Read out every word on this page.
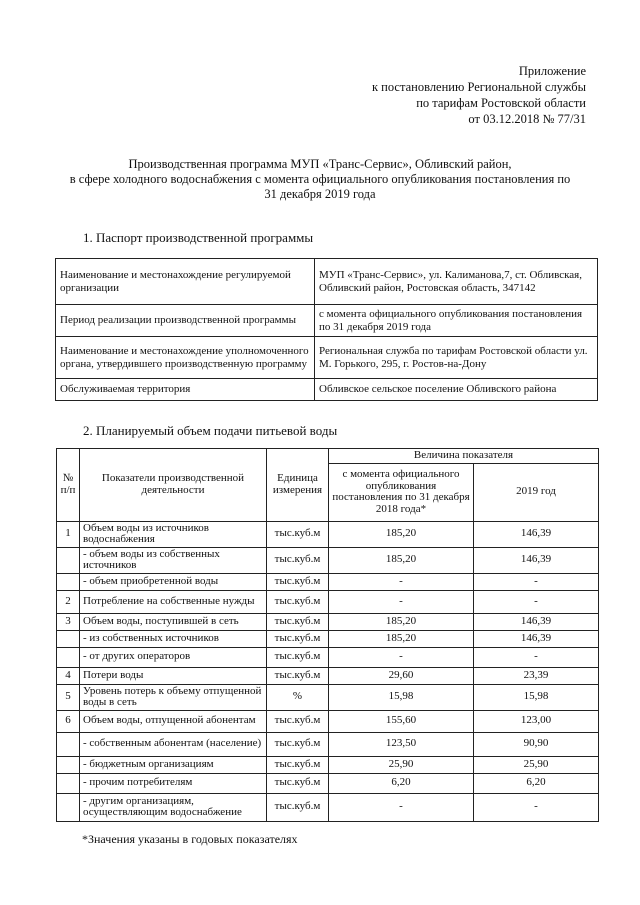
Приложение
к постановлению Региональной службы
по тарифам Ростовской области
от 03.12.2018 № 77/31
Производственная программа МУП «Транс-Сервис», Обливский район,
в сфере холодного водоснабжения с момента официального опубликования постановления по
31 декабря 2019 года
1. Паспорт производственной программы
Наименование и местонахождение регулируемой организации	МУП «Транс-Сервис», ул. Калиманова,7, ст. Обливская, Обливский район, Ростовская область, 347142
Период реализации производственной программы	с момента официального опубликования постановления по 31 декабря 2019 года
Наименование и местонахождение уполномоченного органа, утвердившего производственную программу	Региональная служба по тарифам Ростовской области ул. М. Горького, 295, г. Ростов-на-Дону
Обслуживаемая территория	Обливское сельское поселение Обливского района
2. Планируемый объем подачи питьевой воды
№ п/п	Показатели производственной деятельности	Единица измерения	Величина показателя	
			с момента официального опубликования постановления по 31 декабря 2018 года*	2019 год
1	Объем воды из источников водоснабжения	тыс.куб.м	185,20	146,39
	- объем воды из собственных источников	тыс.куб.м	185,20	146,39
	- объем приобретенной воды	тыс.куб.м	-	-
2	Потребление на собственные нужды	тыс.куб.м	-	-
3	Объем воды, поступившей в сеть	тыс.куб.м	185,20	146,39
	- из собственных источников	тыс.куб.м	185,20	146,39
	- от других операторов	тыс.куб.м	-	-
4	Потери воды	тыс.куб.м	29,60	23,39
5	Уровень потерь к объему отпущенной воды в сеть	%	15,98	15,98
6	Объем воды, отпущенной абонентам	тыс.куб.м	155,60	123,00
	- собственным абонентам (население)	тыс.куб.м	123,50	90,90
	- бюджетным организациям	тыс.куб.м	25,90	25,90
	- прочим потребителям	тыс.куб.м	6,20	6,20
	- другим организациям, осуществляющим водоснабжение	тыс.куб.м	-	-
*Значения указаны в годовых показателях
